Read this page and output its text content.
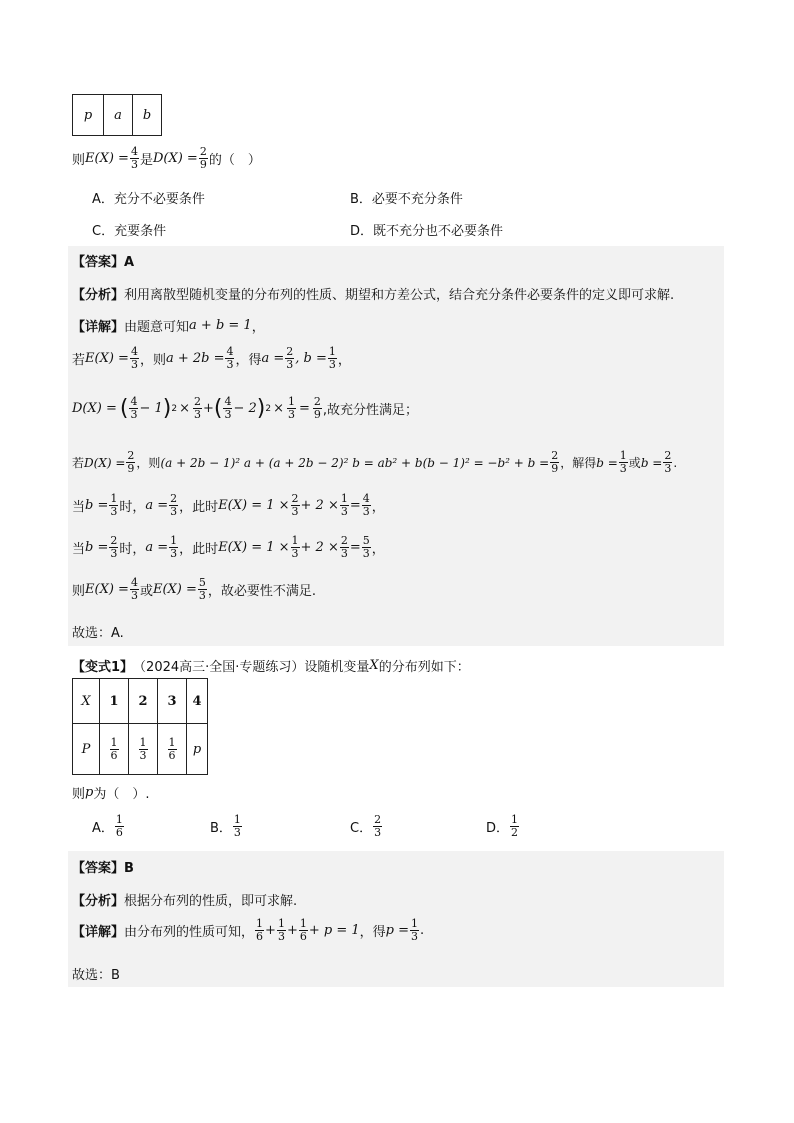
p	a	b
则 $E(X) = \frac{4}{3}$ 是 $D(X) = \frac{2}{9}$ 的（　）
A．充分不必要条件	B．必要不充分条件
C．充要条件	D．既不充分也不必要条件
【答案】A
【分析】 利用离散型随机变量的分布列的性质、期望和方差公式，结合充分条件必要条件的定义即可求解.
【详解】 由题意可知 a + b = 1 ，
若 $E(X) = \frac{4}{3}$ ，则 $a + 2b = \frac{4}{3}$ ，得 $a = \frac{2}{3}$ , $b = \frac{1}{3}$ ，
D(X) = ( $\frac{4}{3} - 1$ ) $2 \times \frac{2}{3}$ + ( $\frac{4}{3} - 2$ ) $2 \times \frac{1}{3} = \frac{2}{9}$ ,故充分性满足；
若 $D(X) = \frac{2}{9}$ ，则 (a + 2b − 1)² a + (a + 2b − 2)² $b = ab^2 + b(b - 1)^2 = -b^2 + b = \frac{2}{9}$ ，解得 $b = \frac{1}{3}$ 或 $b = \frac{2}{3}$ .
当 $b = \frac{1}{3}$ 时， $a = \frac{2}{3}$ ，此时 $E(X) = 1 \times \frac{2}{3} + 2 \times \frac{1}{3} = \frac{4}{3}$ ，
当 $b = \frac{2}{3}$ 时， $a = \frac{1}{3}$ ，此时 $E(X) = 1 \times \frac{1}{3} + 2 \times \frac{2}{3} = \frac{5}{3}$ ，
则 $E(X) = \frac{4}{3}$ 或 $E(X) = \frac{5}{3}$ ，故必要性不满足.
故选：A.
【变式1】 （2024高三·全国·专题练习） 设随机变量 X 的分布列如下：
X	1	2	3	4
P	$\frac{1}{6}$	$\frac{1}{3}$	$\frac{1}{6}$	p
则 p 为（　）.
A． $\frac{1}{6}$	B． $\frac{1}{3}$	C． $\frac{2}{3}$	D． $\frac{1}{2}$
【答案】B
【分析】 根据分布列的性质，即可求解.
【详解】 由分布列的性质可知， $\frac{1}{6} + \frac{1}{3} + \frac{1}{6} + p = 1$ ，得 $p = \frac{1}{3}$ .
故选：B
